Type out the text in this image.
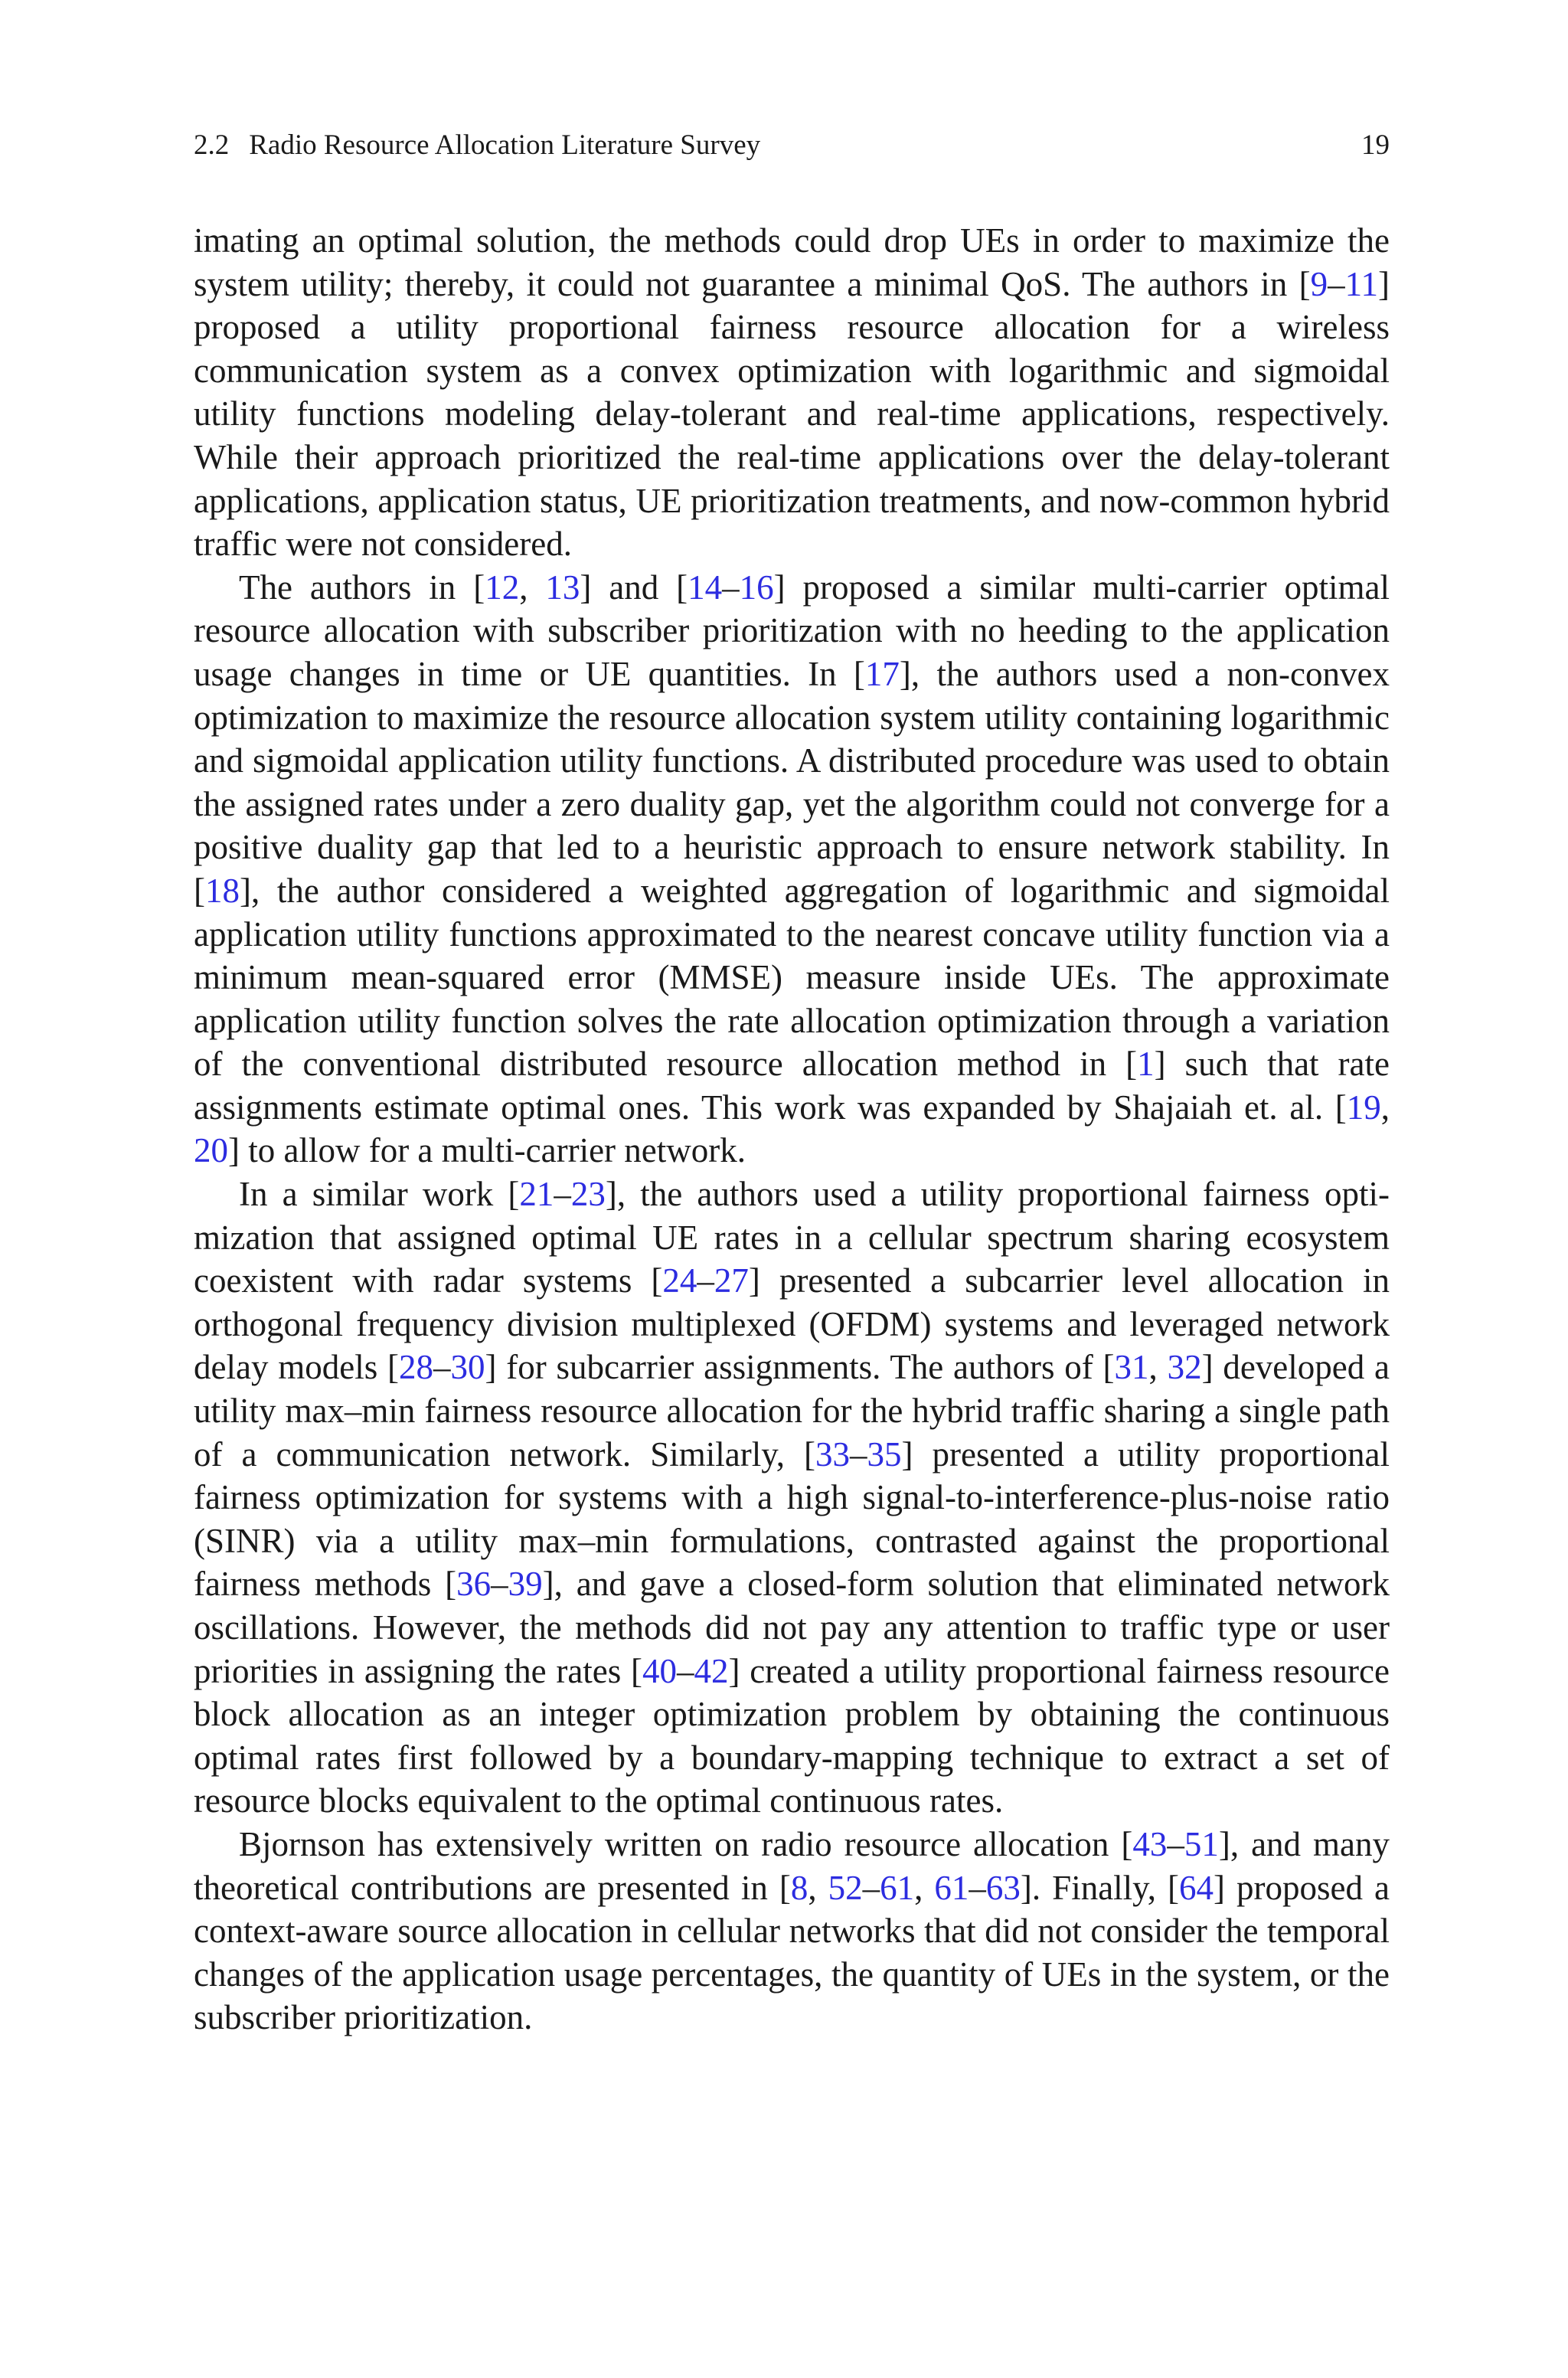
2.2 Radio Resource Allocation Literature Survey	19

imating an optimal solution, the methods could drop UEs in order to maximize the system utility; thereby, it could not guarantee a minimal QoS. The authors in [9–11] proposed a utility proportional fairness resource allocation for a wireless communication system as a convex optimization with logarithmic and sigmoidal utility functions modeling delay-tolerant and real-time applications, respectively. While their approach prioritized the real-time applications over the delay-tolerant applications, application status, UE prioritization treatments, and now-common hybrid traffic were not considered.

The authors in [12, 13] and [14–16] proposed a similar multi-carrier optimal resource allocation with subscriber prioritization with no heeding to the application usage changes in time or UE quantities. In [17], the authors used a non-convex optimization to maximize the resource allocation system utility containing logarithmic and sigmoidal application utility functions. A distributed procedure was used to obtain the assigned rates under a zero duality gap, yet the algorithm could not converge for a positive duality gap that led to a heuristic approach to ensure network stability. In [18], the author considered a weighted aggregation of logarithmic and sigmoidal application utility functions approximated to the nearest concave utility function via a minimum mean-squared error (MMSE) measure inside UEs. The approximate application utility function solves the rate allocation optimization through a variation of the conventional distributed resource allocation method in [1] such that rate assignments estimate optimal ones. This work was expanded by Shajaiah et. al. [19, 20] to allow for a multi-carrier network.

In a similar work [21–23], the authors used a utility proportional fairness optimization that assigned optimal UE rates in a cellular spectrum sharing ecosystem coexistent with radar systems [24–27] presented a subcarrier level allocation in orthogonal frequency division multiplexed (OFDM) systems and leveraged network delay models [28–30] for subcarrier assignments. The authors of [31, 32] developed a utility max–min fairness resource allocation for the hybrid traffic sharing a single path of a communication network. Similarly, [33–35] presented a utility proportional fairness optimization for systems with a high signal-to-interference-plus-noise ratio (SINR) via a utility max–min formulations, contrasted against the proportional fairness methods [36–39], and gave a closed-form solution that eliminated network oscillations. However, the methods did not pay any attention to traffic type or user priorities in assigning the rates [40–42] created a utility proportional fairness resource block allocation as an integer optimization problem by obtaining the continuous optimal rates first followed by a boundary-mapping technique to extract a set of resource blocks equivalent to the optimal continuous rates.

Bjornson has extensively written on radio resource allocation [43–51], and many theoretical contributions are presented in [8, 52–61, 61–63]. Finally, [64] proposed a context-aware source allocation in cellular networks that did not consider the temporal changes of the application usage percentages, the quantity of UEs in the system, or the subscriber prioritization.
